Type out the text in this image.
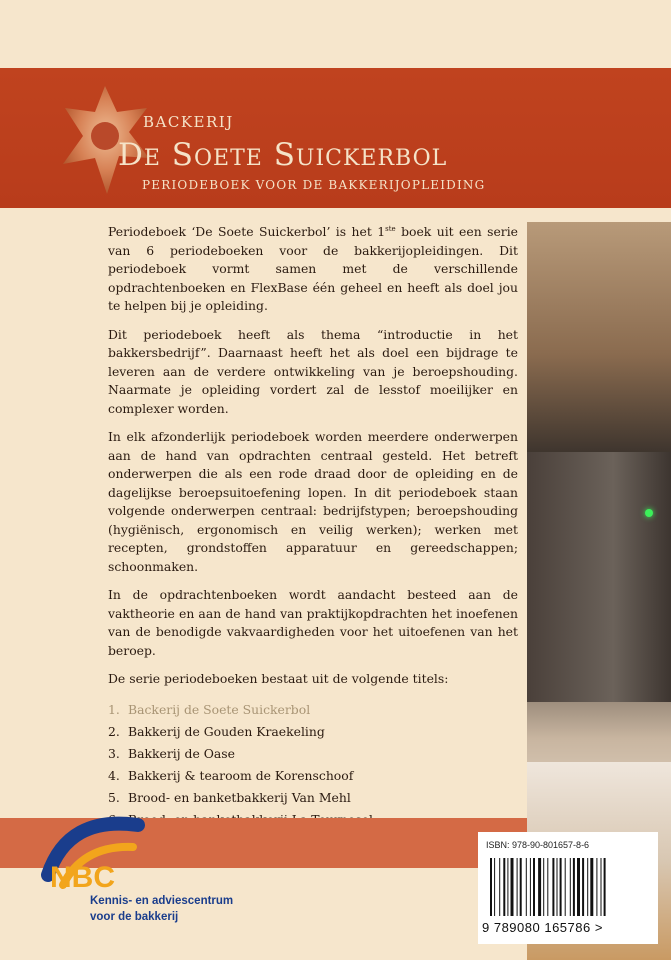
BACKERIJ
De Soete Suickerbol
PERIODEBOEK VOOR DE BAKKERIJOPLEIDING

Periodeboek ‘De Soete Suickerbol’ is het 1ste boek uit een serie van 6 periodeboeken voor de bakkerijopleidingen. Dit periodeboek vormt samen met de verschillende opdrachtenboeken en FlexBase één geheel en heeft als doel jou te helpen bij je opleiding.

Dit periodeboek heeft als thema “introductie in het bakkersbedrijf”. Daarnaast heeft het als doel een bijdrage te leveren aan de verdere ontwikkeling van je beroepshouding. Naarmate je opleiding vordert zal de lesstof moeilijker en complexer worden.

In elk afzonderlijk periodeboek worden meerdere onderwerpen aan de hand van opdrachten centraal gesteld. Het betreft onderwerpen die als een rode draad door de opleiding en de dagelijkse beroepsuitoefening lopen. In dit periodeboek staan volgende onderwerpen centraal: bedrijfstypen; beroepshouding (hygiënisch, ergonomisch en veilig werken); werken met recepten, grondstoffen apparatuur en gereedschappen; schoonmaken.

In de opdrachtenboeken wordt aandacht besteed aan de vaktheorie en aan de hand van praktijkopdrachten het inoefenen van de benodigde vakvaardigheden voor het uitoefenen van het beroep.

De serie periodeboeken bestaat uit de volgende titels:

1. Backerij de Soete Suickerbol
2. Bakkerij de Gouden Kraekeling
3. Bakkerij de Oase
4. Bakkerij & tearoom de Korenschoof
5. Brood- en banketbakkerij Van Mehl
NBC
Kennis- en adviescentrum
voor de bakkerij
ISBN: 978-90-801657-8-6
9 789080 165786 >
